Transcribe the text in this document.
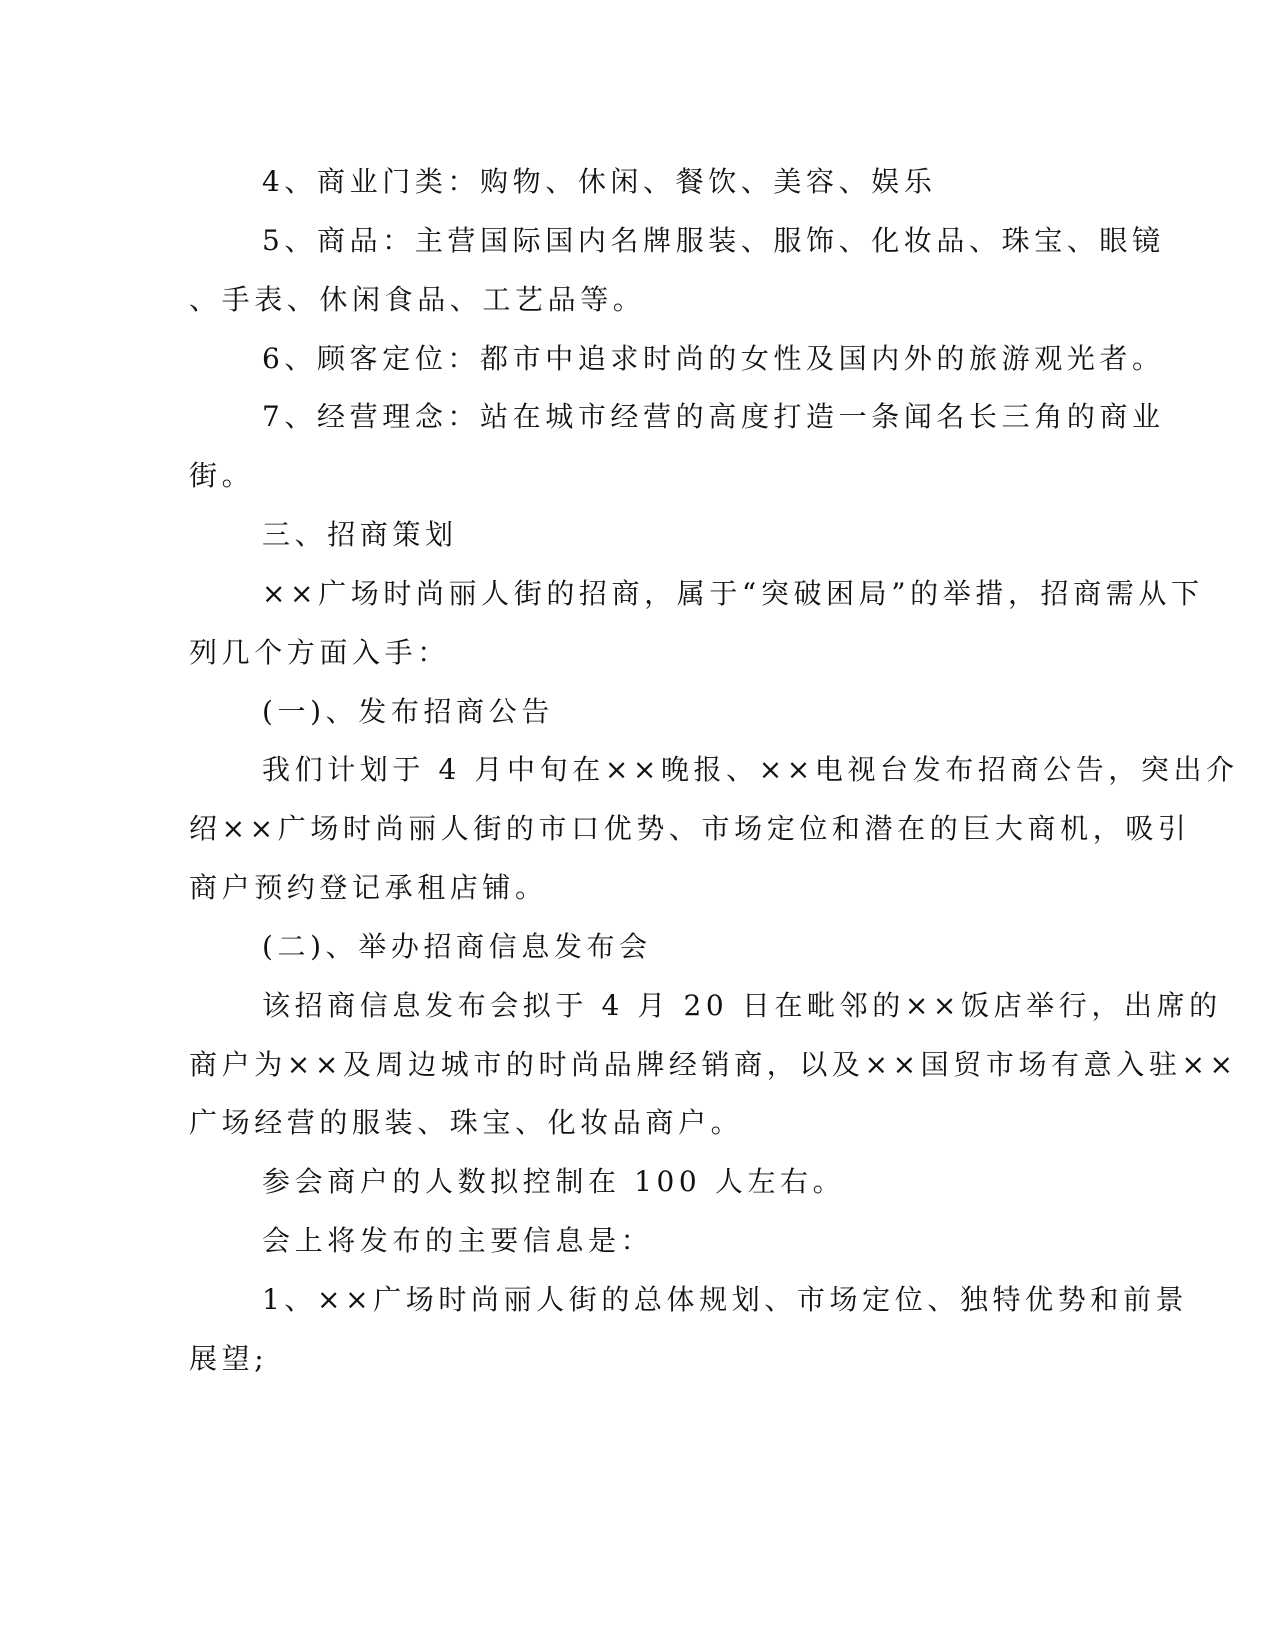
4、商业门类：购物、休闲、餐饮、美容、娱乐
5、商品：主营国际国内名牌服装、服饰、化妆品、珠宝、眼镜
、手表、休闲食品、工艺品等。
6、顾客定位：都市中追求时尚的女性及国内外的旅游观光者。
7、经营理念：站在城市经营的高度打造一条闻名长三角的商业
街。
三、招商策划
××广场时尚丽人街的招商，属于“突破困局”的举措，招商需从下
列几个方面入手：
(一)、发布招商公告
我们计划于 4 月中旬在××晚报、××电视台发布招商公告，突出介
绍××广场时尚丽人街的市口优势、市场定位和潜在的巨大商机，吸引
商户预约登记承租店铺。
(二)、举办招商信息发布会
该招商信息发布会拟于 4 月 20 日在毗邻的××饭店举行，出席的
商户为××及周边城市的时尚品牌经销商，以及××国贸市场有意入驻××
广场经营的服装、珠宝、化妆品商户。
参会商户的人数拟控制在 100 人左右。
会上将发布的主要信息是：
1、××广场时尚丽人街的总体规划、市场定位、独特优势和前景
展望;
